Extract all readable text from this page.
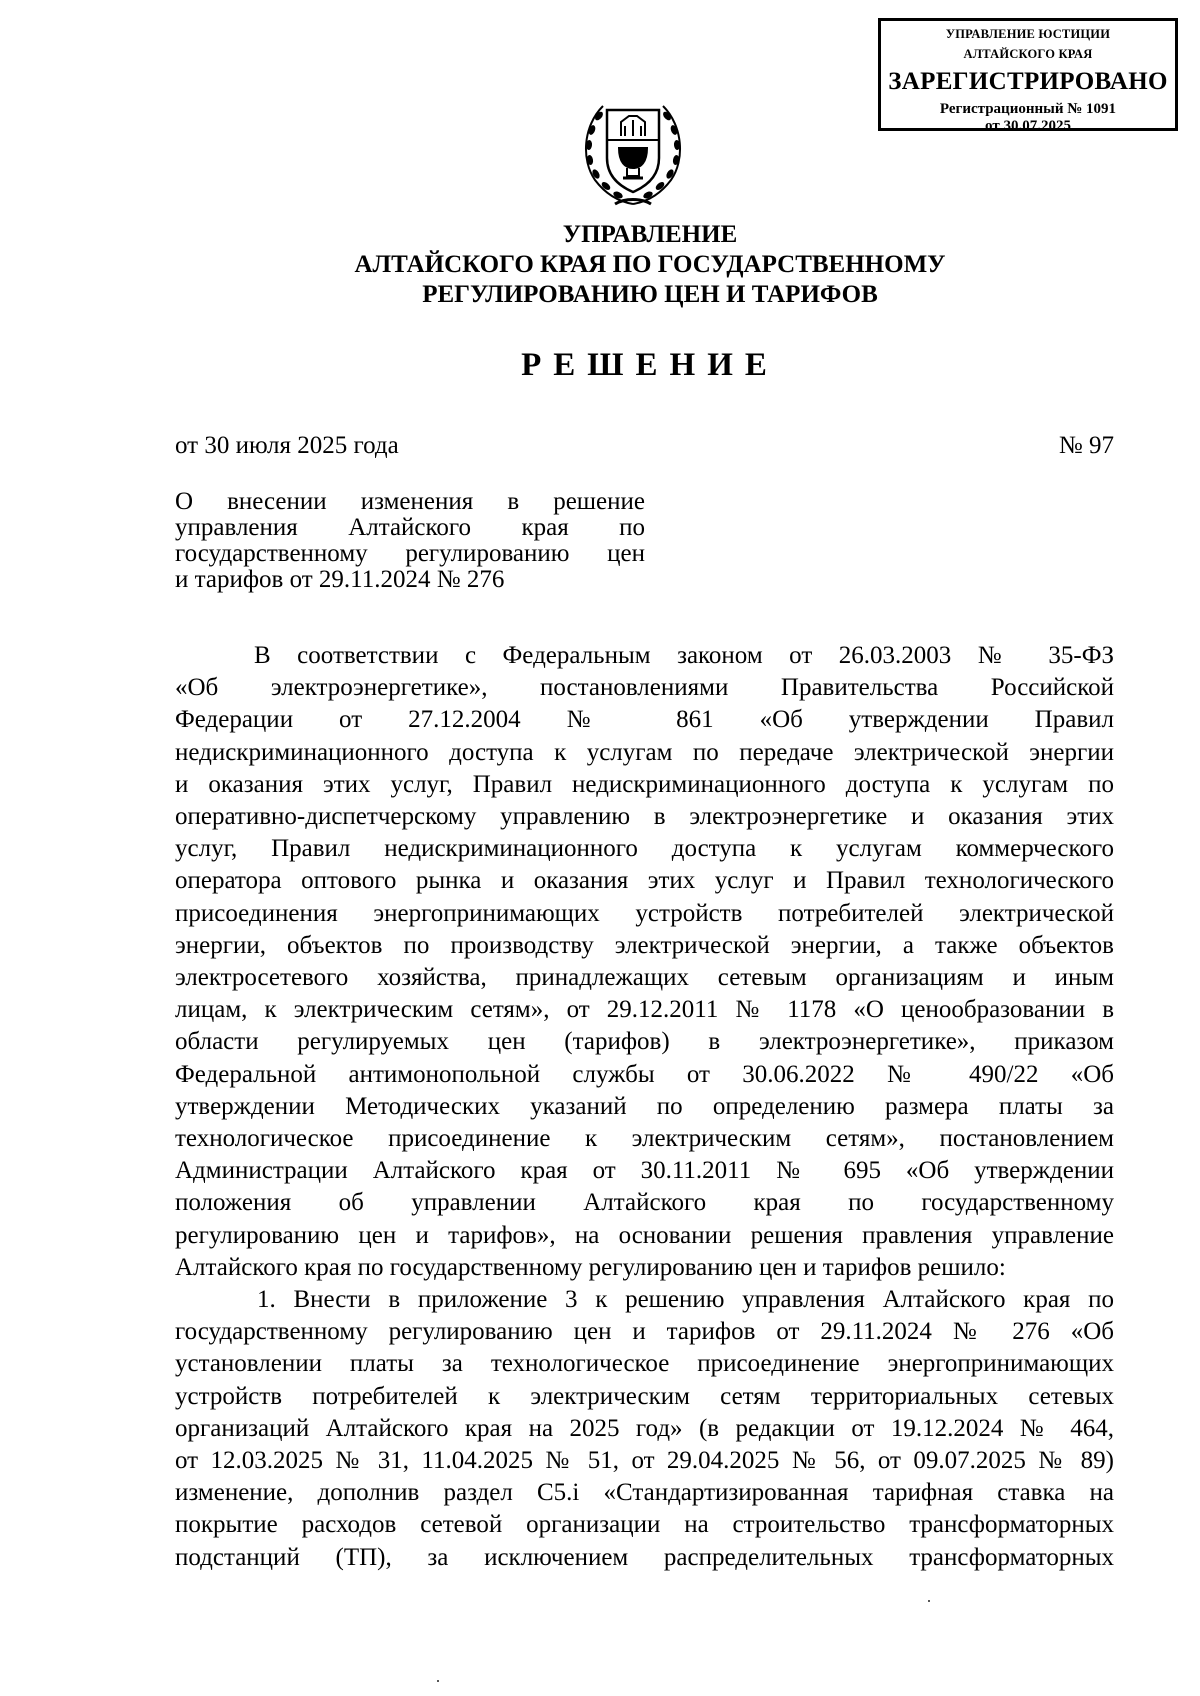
УПРАВЛЕНИЕ ЮСТИЦИИ
АЛТАЙСКОГО КРАЯ
ЗАРЕГИСТРИРОВАНО
Регистрационный № 1091
от 30.07.2025
УПРАВЛЕНИЕ
АЛТАЙСКОГО КРАЯ ПО ГОСУДАРСТВЕННОМУ
РЕГУЛИРОВАНИЮ ЦЕН И ТАРИФОВ
РЕШЕНИЕ
от 30 июля 2025 года	№ 97
О внесении изменения в решение
управления Алтайского края по
государственному регулированию цен
и тарифов от 29.11.2024 № 276
В соответствии с Федеральным законом от 26.03.2003 № 35-ФЗ
«Об электроэнергетике», постановлениями Правительства Российской
Федерации от 27.12.2004 № 861 «Об утверждении Правил
недискриминационного доступа к услугам по передаче электрической энергии
и оказания этих услуг, Правил недискриминационного доступа к услугам по
оперативно-диспетчерскому управлению в электроэнергетике и оказания этих
услуг, Правил недискриминационного доступа к услугам коммерческого
оператора оптового рынка и оказания этих услуг и Правил технологического
присоединения энергопринимающих устройств потребителей электрической
энергии, объектов по производству электрической энергии, а также объектов
электросетевого хозяйства, принадлежащих сетевым организациям и иным
лицам, к электрическим сетям», от 29.12.2011 № 1178 «О ценообразовании в
области регулируемых цен (тарифов) в электроэнергетике», приказом
Федеральной антимонопольной службы от 30.06.2022 № 490/22 «Об
утверждении Методических указаний по определению размера платы за
технологическое присоединение к электрическим сетям», постановлением
Администрации Алтайского края от 30.11.2011 № 695 «Об утверждении
положения об управлении Алтайского края по государственному
регулированию цен и тарифов», на основании решения правления управление
Алтайского края по государственному регулированию цен и тарифов решило:
1. Внести в приложение 3 к решению управления Алтайского края по
государственному регулированию цен и тарифов от 29.11.2024 № 276 «Об
установлении платы за технологическое присоединение энергопринимающих
устройств потребителей к электрическим сетям территориальных сетевых
организаций Алтайского края на 2025 год» (в редакции от 19.12.2024 № 464,
от 12.03.2025 № 31, 11.04.2025 № 51, от 29.04.2025 № 56, от 09.07.2025 № 89)
изменение, дополнив раздел С5.i «Стандартизированная тарифная ставка на
покрытие расходов сетевой организации на строительство трансформаторных
подстанций (ТП), за исключением распределительных трансформаторных
